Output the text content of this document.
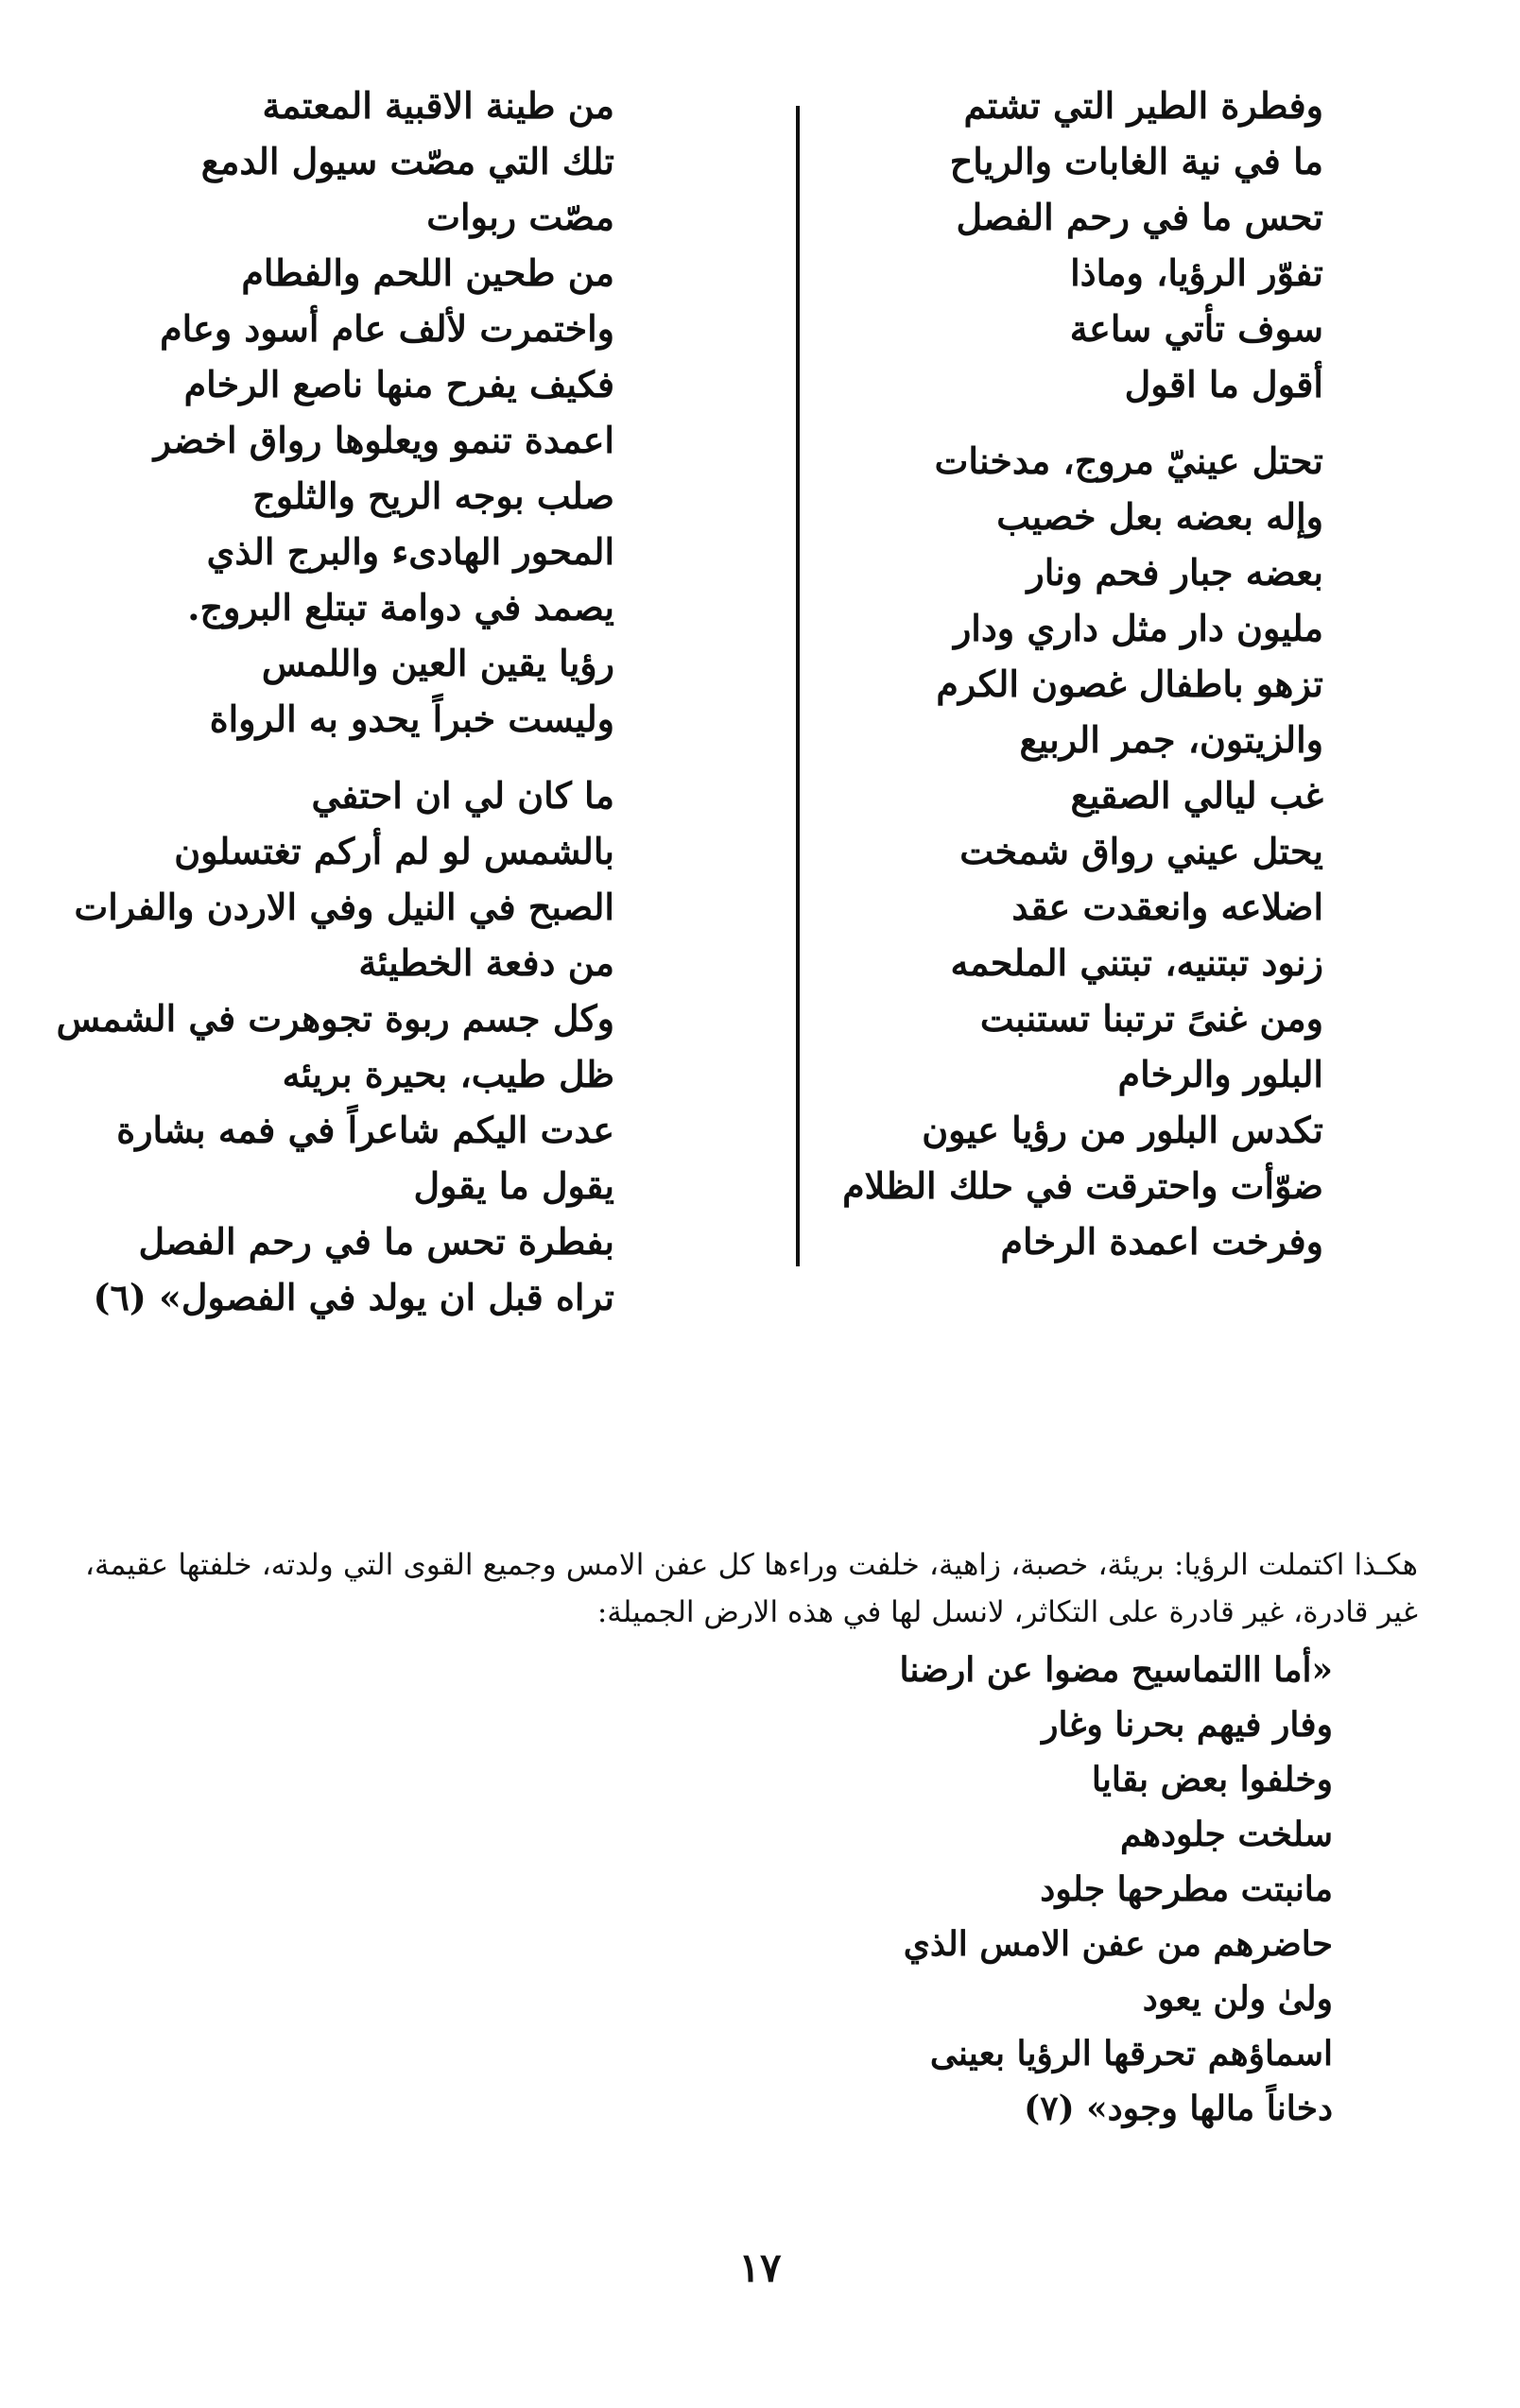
وفطرة الطير التي تشتم
ما في نية الغابات والرياح
تحس ما في رحم الفصل
تفوّر الرؤيا، وماذا
سوف تأتي ساعة
أقول ما اقول
تحتل عينيّ مروج، مدخنات
وإله بعضه بعل خصيب
بعضه جبار فحم ونار
مليون دار مثل داري ودار
تزهو باطفال غصون الكرم
والزيتون، جمر الربيع
غب ليالي الصقيع
يحتل عيني رواق شمخت
اضلاعه وانعقدت عقد
زنود تبتنيه، تبتني الملحمه
ومن غنىً ترتبنا تستنبت
البلور والرخام
تكدس البلور من رؤيا عيون
ضوّأت واحترقت في حلك الظلام
وفرخت اعمدة الرخام
من طينة الاقبية المعتمة
تلك التي مصّت سيول الدمع
مصّت ربوات
من طحين اللحم والفطام
واختمرت لألف عام أسود وعام
فكيف يفرح منها ناصع الرخام
اعمدة تنمو ويعلوها رواق اخضر
صلب بوجه الريح والثلوج
المحور الهادىء والبرج الذي
يصمد في دوامة تبتلع البروج.
رؤيا يقين العين واللمس
وليست خبراً يحدو به الرواة
ما كان لي ان احتفي
بالشمس لو لم أركم تغتسلون
الصبح في النيل وفي الاردن والفرات
من دفعة الخطيئة
وكل جسم ربوة تجوهرت في الشمس
ظل طيب، بحيرة بريئه
عدت اليكم شاعراً في فمه بشارة
يقول ما يقول
بفطرة تحس ما في رحم الفصل
تراه قبل ان يولد في الفصول» (٦)

هكـذا اكتملت الرؤيا: بريئة، خصبة، زاهية، خلفت وراءها كل عفن الامس وجميع القوى التي ولدته، خلفتها عقيمة، غير قادرة، غير قادرة على التكاثر، لانسل لها في هذه الارض الجميلة:

«أما االتماسيح مضوا عن ارضنا
وفار فيهم بحرنا وغار
وخلفوا بعض بقايا
سلخت جلودهم
مانبتت مطرحها جلود
حاضرهم من عفن الامس الذي
ولىٰ ولن يعود
اسماؤهم تحرقها الرؤيا بعينى
دخاناً مالها وجود» (٧)
١٧
